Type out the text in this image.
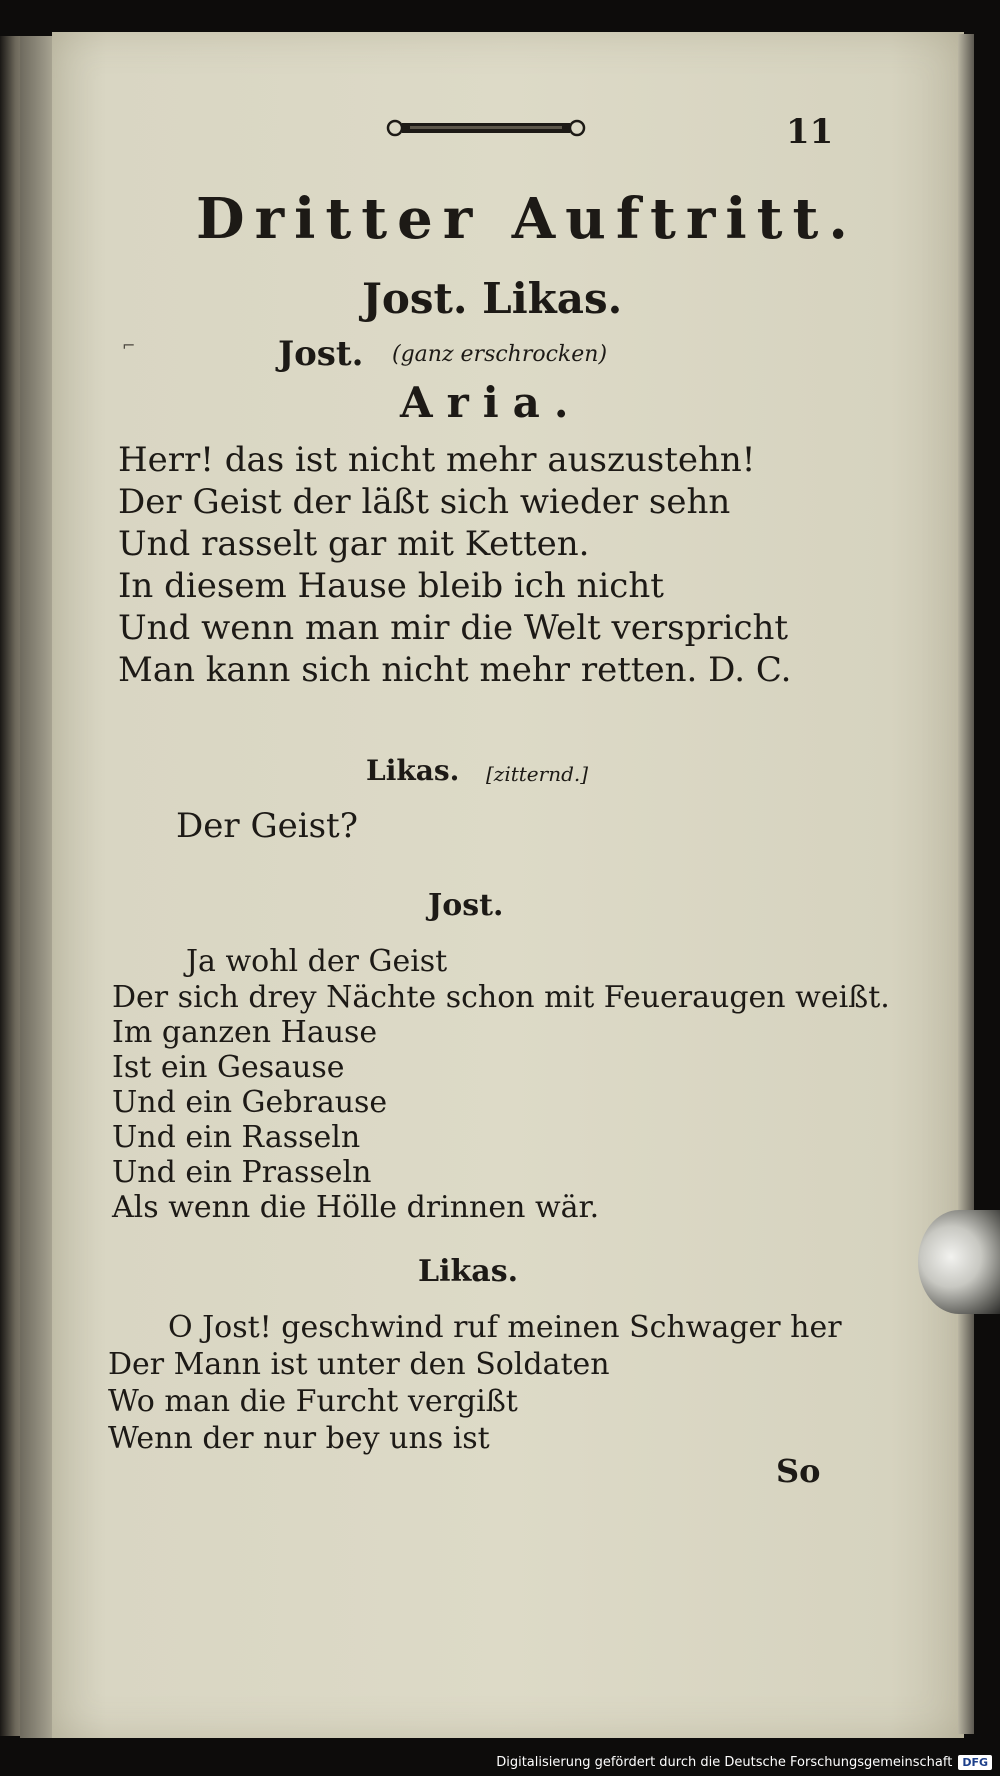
11
Dritter Auftritt.
Jost. Likas.
⌐	Jost. (ganz erschrocken)
Aria.
Herr! das ist nicht mehr auszustehn!
Der Geist der läßt sich wieder sehn
Und rasselt gar mit Ketten.
In diesem Hause bleib ich nicht
Und wenn man mir die Welt verspricht
Man kann sich nicht mehr retten. D. C.
Likas. [zitternd.]
Der Geist?
Jost.
Ja wohl der Geist
Der sich drey Nächte schon mit Feueraugen weißt.
Im ganzen Hause
Ist ein Gesause
Und ein Gebrause
Und ein Rasseln
Und ein Prasseln
Als wenn die Hölle drinnen wär.
Likas.
O Jost! geschwind ruf meinen Schwager her
Der Mann ist unter den Soldaten
Wo man die Furcht vergißt
Wenn der nur bey uns ist
So
Digitalisierung gefördert durch die Deutsche Forschungsgemeinschaft DFG
